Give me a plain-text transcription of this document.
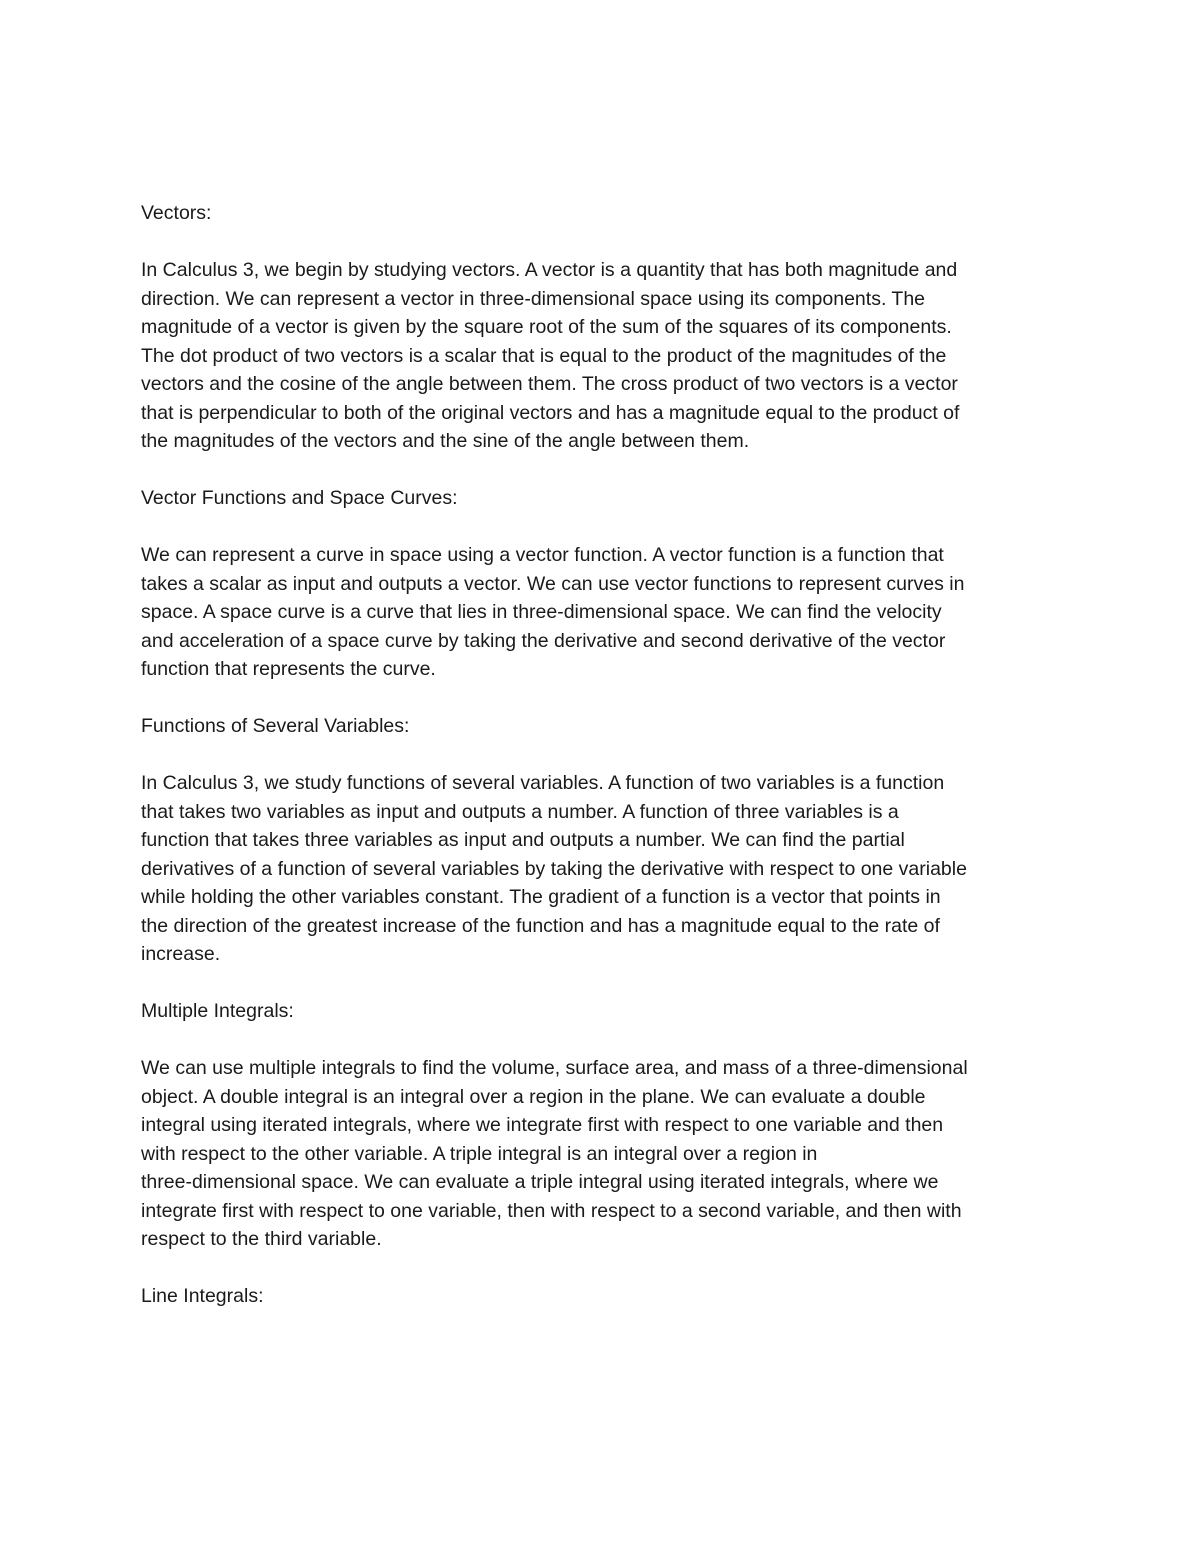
Vectors:
In Calculus 3, we begin by studying vectors. A vector is a quantity that has both magnitude and
direction. We can represent a vector in three-dimensional space using its components. The
magnitude of a vector is given by the square root of the sum of the squares of its components.
The dot product of two vectors is a scalar that is equal to the product of the magnitudes of the
vectors and the cosine of the angle between them. The cross product of two vectors is a vector
that is perpendicular to both of the original vectors and has a magnitude equal to the product of
the magnitudes of the vectors and the sine of the angle between them.
Vector Functions and Space Curves:
We can represent a curve in space using a vector function. A vector function is a function that
takes a scalar as input and outputs a vector. We can use vector functions to represent curves in
space. A space curve is a curve that lies in three-dimensional space. We can find the velocity
and acceleration of a space curve by taking the derivative and second derivative of the vector
function that represents the curve.
Functions of Several Variables:
In Calculus 3, we study functions of several variables. A function of two variables is a function
that takes two variables as input and outputs a number. A function of three variables is a
function that takes three variables as input and outputs a number. We can find the partial
derivatives of a function of several variables by taking the derivative with respect to one variable
while holding the other variables constant. The gradient of a function is a vector that points in
the direction of the greatest increase of the function and has a magnitude equal to the rate of
increase.
Multiple Integrals:
We can use multiple integrals to find the volume, surface area, and mass of a three-dimensional
object. A double integral is an integral over a region in the plane. We can evaluate a double
integral using iterated integrals, where we integrate first with respect to one variable and then
with respect to the other variable. A triple integral is an integral over a region in
three-dimensional space. We can evaluate a triple integral using iterated integrals, where we
integrate first with respect to one variable, then with respect to a second variable, and then with
respect to the third variable.
Line Integrals:
